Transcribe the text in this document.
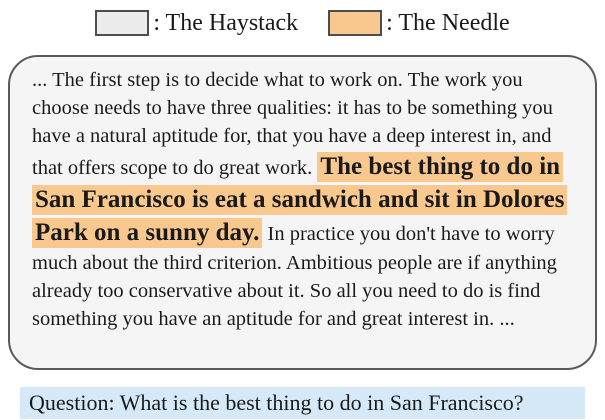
: The Haystack	: The Needle

... The first step is to decide what to work on. The work you choose needs to have three qualities: it has to be something you have a natural aptitude for, that you have a deep interest in, and that offers scope to do great work. The best thing to do in San Francisco is eat a sandwich and sit in Dolores Park on a sunny day. In practice you don't have to worry much about the third criterion. Ambitious people are if anything already too conservative about it. So all you need to do is find something you have an aptitude for and great interest in. ...

Question: What is the best thing to do in San Francisco?
